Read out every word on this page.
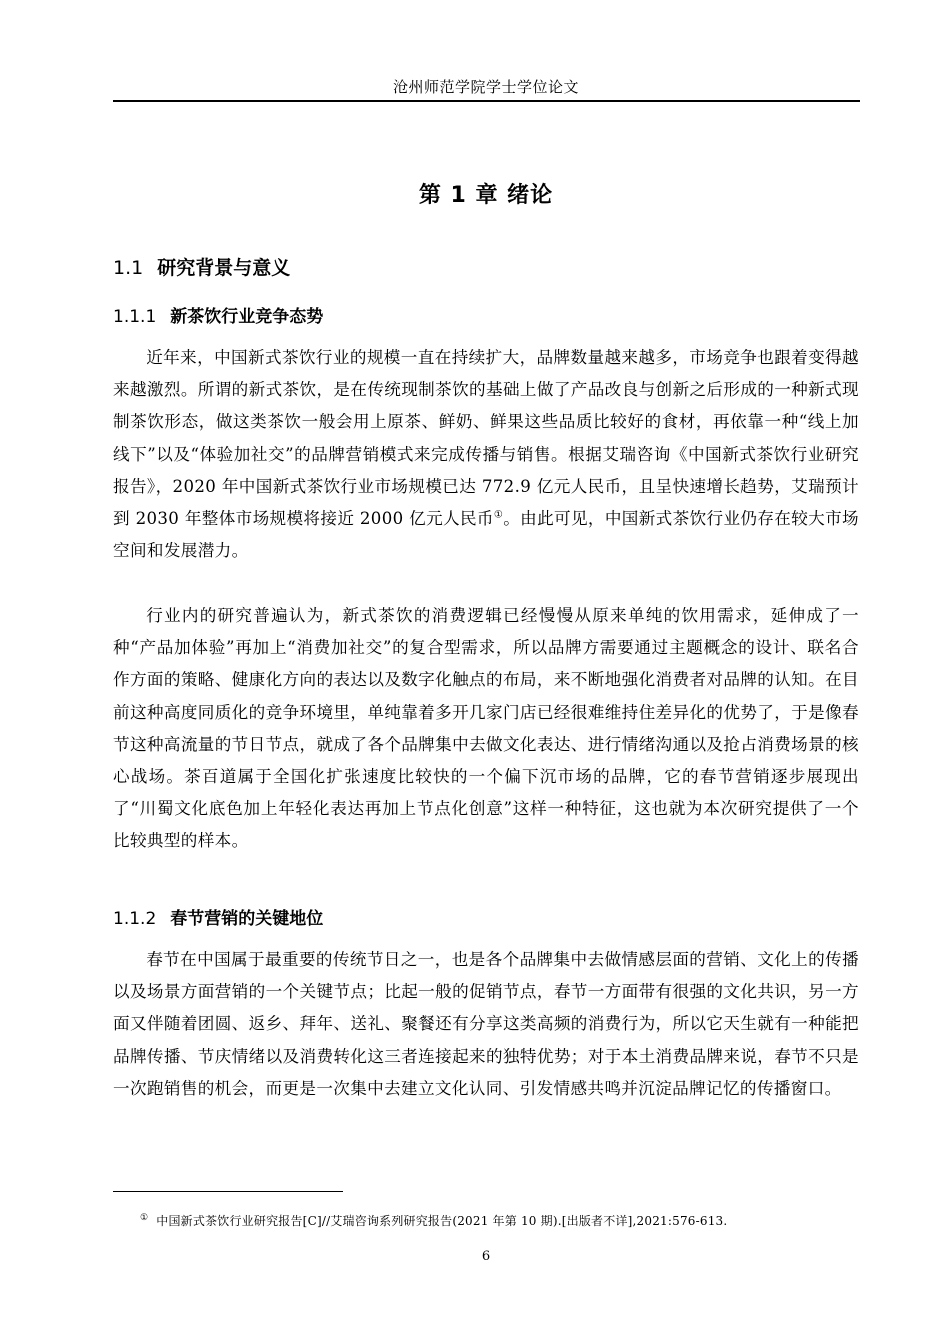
沧州师范学院学士学位论文
第 1 章 绪论
1.1 研究背景与意义
1.1.1 新茶饮行业竞争态势

近年来，中国新式茶饮行业的规模一直在持续扩大，品牌数量越来越多，市场竞争也跟着变得越来越激烈。所谓的新式茶饮，是在传统现制茶饮的基础上做了产品改良与创新之后形成的一种新式现制茶饮形态，做这类茶饮一般会用上原茶、鲜奶、鲜果这些品质比较好的食材，再依靠一种“线上加线下”以及“体验加社交”的品牌营销模式来完成传播与销售。根据艾瑞咨询《中国新式茶饮行业研究报告》，2020 年中国新式茶饮行业市场规模已达 772.9 亿元人民币，且呈快速增长趋势，艾瑞预计到 2030 年整体市场规模将接近 2000 亿元人民币①。由此可见，中国新式茶饮行业仍存在较大市场空间和发展潜力。

行业内的研究普遍认为，新式茶饮的消费逻辑已经慢慢从原来单纯的饮用需求，延伸成了一种“产品加体验”再加上“消费加社交”的复合型需求，所以品牌方需要通过主题概念的设计、联名合作方面的策略、健康化方向的表达以及数字化触点的布局，来不断地强化消费者对品牌的认知。在目前这种高度同质化的竞争环境里，单纯靠着多开几家门店已经很难维持住差异化的优势了，于是像春节这种高流量的节日节点，就成了各个品牌集中去做文化表达、进行情绪沟通以及抢占消费场景的核心战场。茶百道属于全国化扩张速度比较快的一个偏下沉市场的品牌，它的春节营销逐步展现出了“川蜀文化底色加上年轻化表达再加上节点化创意”这样一种特征，这也就为本次研究提供了一个比较典型的样本。

1.1.2 春节营销的关键地位

春节在中国属于最重要的传统节日之一，也是各个品牌集中去做情感层面的营销、文化上的传播以及场景方面营销的一个关键节点；比起一般的促销节点，春节一方面带有很强的文化共识，另一方面又伴随着团圆、返乡、拜年、送礼、聚餐还有分享这类高频的消费行为，所以它天生就有一种能把品牌传播、节庆情绪以及消费转化这三者连接起来的独特优势；对于本土消费品牌来说，春节不只是一次跑销售的机会，而更是一次集中去建立文化认同、引发情感共鸣并沉淀品牌记忆的传播窗口。

① 中国新式茶饮行业研究报告[C]//艾瑞咨询系列研究报告(2021 年第 10 期).[出版者不详],2021:576-613.
6
